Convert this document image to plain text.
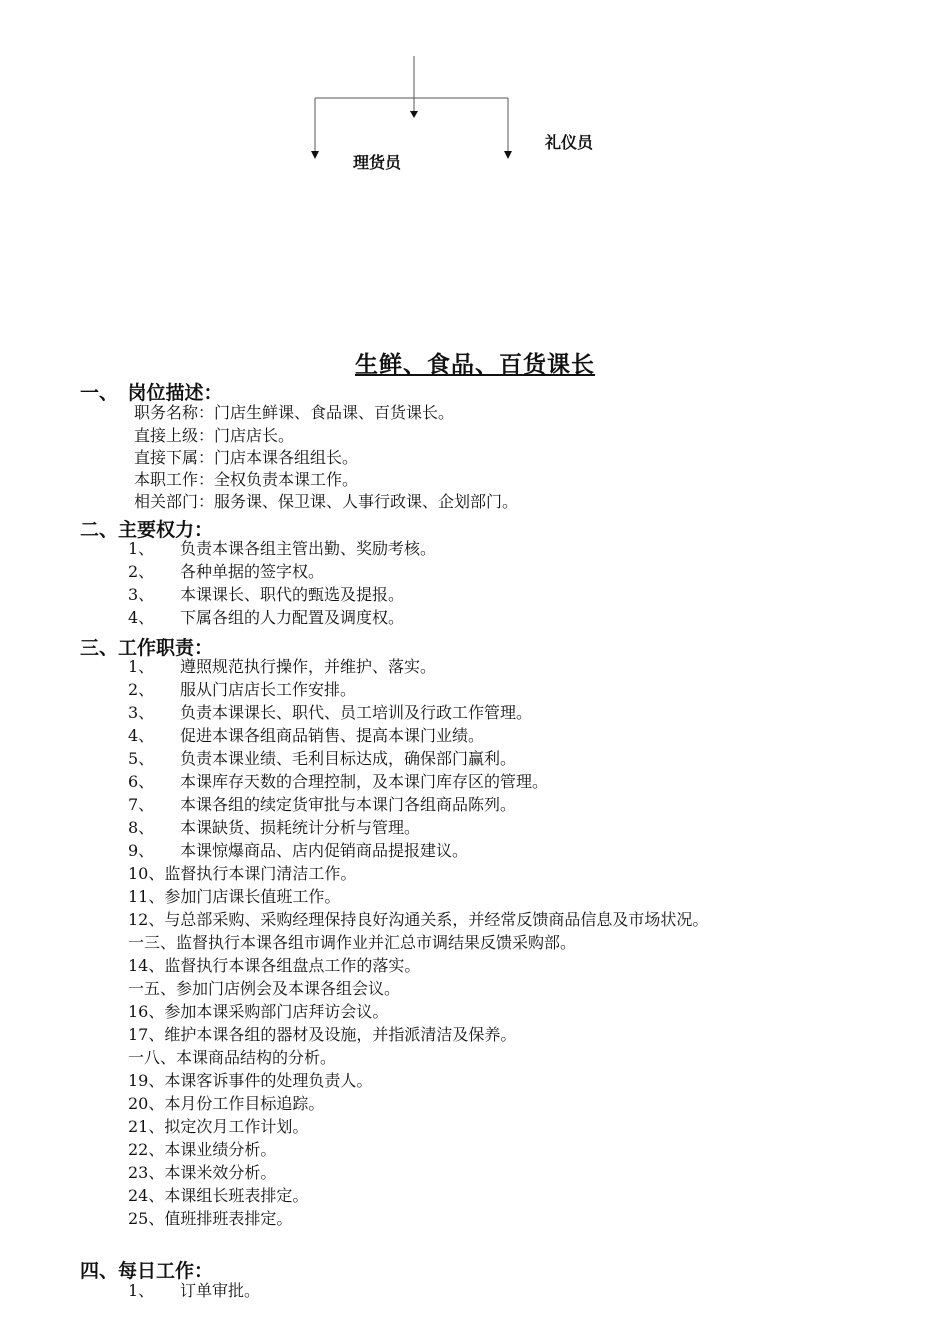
理货员
礼仪员
生鲜、食品、百货课长
一、　岗位描述：
职务名称：门店生鲜课、食品课、百货课长。
直接上级：门店店长。
直接下属：门店本课各组组长。
本职工作：全权负责本课工作。
相关部门：服务课、保卫课、人事行政课、企划部门。
二、主要权力：
1、 负责本课各组主管出勤、奖励考核。
2、 各种单据的签字权。
3、 本课课长、职代的甄选及提报。
4、 下属各组的人力配置及调度权。
三、工作职责：
1、 遵照规范执行操作，并维护、落实。
2、 服从门店店长工作安排。
3、 负责本课课长、职代、员工培训及行政工作管理。
4、 促进本课各组商品销售、提高本课门业绩。
5、 负责本课业绩、毛利目标达成，确保部门赢利。
6、 本课库存天数的合理控制，及本课门库存区的管理。
7、 本课各组的续定货审批与本课门各组商品陈列。
8、 本课缺货、损耗统计分析与管理。
9、 本课惊爆商品、店内促销商品提报建议。
10、监督执行本课门清洁工作。
11、参加门店课长值班工作。
12、与总部采购、采购经理保持良好沟通关系，并经常反馈商品信息及市场状况。
一三、监督执行本课各组市调作业并汇总市调结果反馈采购部。
14、监督执行本课各组盘点工作的落实。
一五、参加门店例会及本课各组会议。
16、参加本课采购部门店拜访会议。
17、维护本课各组的器材及设施，并指派清洁及保养。
一八、本课商品结构的分析。
19、本课客诉事件的处理负责人。
20、本月份工作目标追踪。
21、拟定次月工作计划。
22、本课业绩分析。
23、本课米效分析。
24、本课组长班表排定。
25、值班排班表排定。
四、每日工作：
1、 订单审批。
